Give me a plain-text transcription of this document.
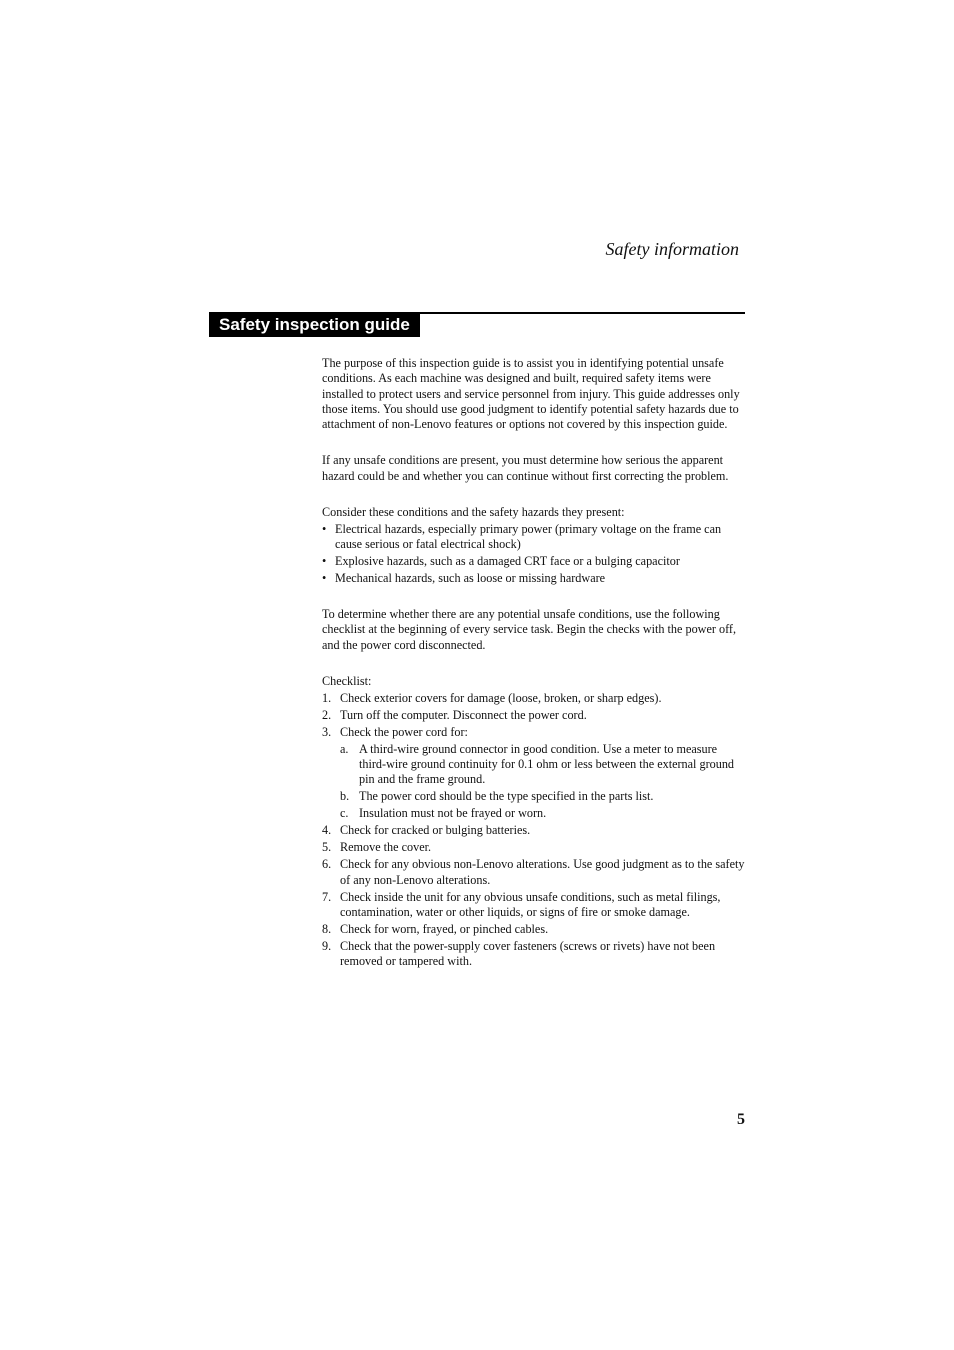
Safety information
Safety inspection guide

The purpose of this inspection guide is to assist you in identifying potential unsafe conditions. As each machine was designed and built, required safety items were installed to protect users and service personnel from injury. This guide addresses only those items. You should use good judgment to identify potential safety hazards due to attachment of non-Lenovo features or options not covered by this inspection guide.

If any unsafe conditions are present, you must determine how serious the apparent hazard could be and whether you can continue without first correcting the problem.

Consider these conditions and the safety hazards they present:

• Electrical hazards, especially primary power (primary voltage on the frame can cause serious or fatal electrical shock)
• Explosive hazards, such as a damaged CRT face or a bulging capacitor
• Mechanical hazards, such as loose or missing hardware

To determine whether there are any potential unsafe conditions, use the following checklist at the beginning of every service task. Begin the checks with the power off, and the power cord disconnected.

Checklist:

1. Check exterior covers for damage (loose, broken, or sharp edges).
2. Turn off the computer. Disconnect the power cord.
3. Check the power cord for:
a. A third-wire ground connector in good condition. Use a meter to measure third-wire ground continuity for 0.1 ohm or less between the external ground pin and the frame ground.
b. The power cord should be the type specified in the parts list.
c. Insulation must not be frayed or worn.
4. Check for cracked or bulging batteries.
5. Remove the cover.
6. Check for any obvious non-Lenovo alterations. Use good judgment as to the safety of any non-Lenovo alterations.
7. Check inside the unit for any obvious unsafe conditions, such as metal filings, contamination, water or other liquids, or signs of fire or smoke damage.
8. Check for worn, frayed, or pinched cables.
9. Check that the power-supply cover fasteners (screws or rivets) have not been removed or tampered with.
5
